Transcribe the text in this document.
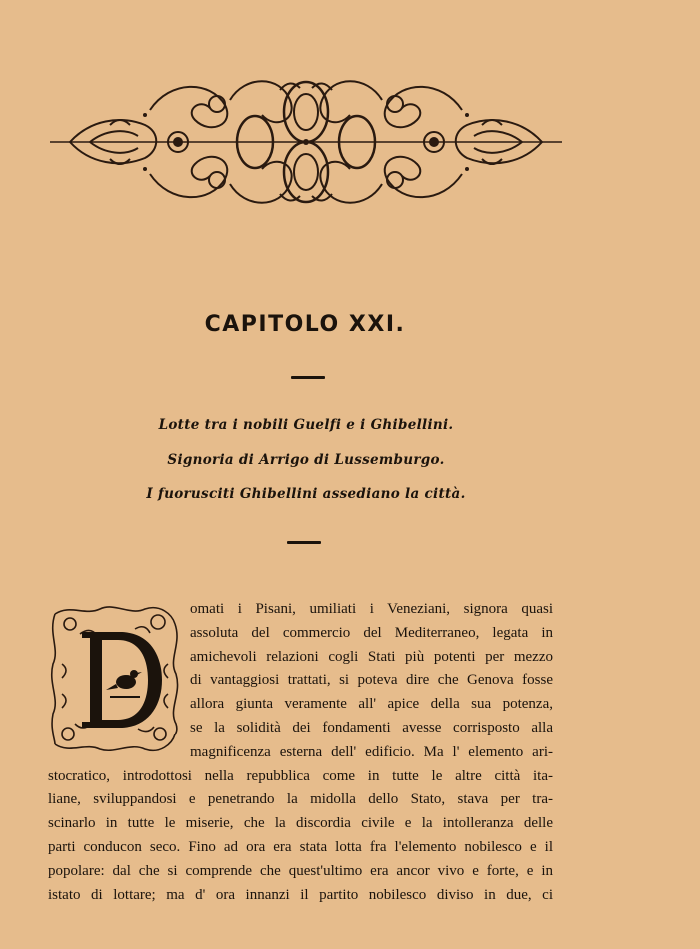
CAPITOLO XXI.
Lotte tra i nobili Guelfi e i Ghibellini.
Signoria di Arrigo di Lussemburgo.
I fuorusciti Ghibellini assediano la città.
omati i Pisani, umiliati i Veneziani, signora quasi
assoluta del commercio del Mediterraneo, legata in
amichevoli relazioni cogli Stati più potenti per mezzo
di vantaggiosi trattati, si poteva dire che Genova fosse
allora giunta veramente all' apice della sua potenza,
se la solidità dei fondamenti avesse corrisposto alla
magnificenza esterna dell' edificio. Ma l' elemento ari-
stocratico, introdottosi nella repubblica come in tutte le altre città ita-
liane, sviluppandosi e penetrando la midolla dello Stato, stava per tra-
scinarlo in tutte le miserie, che la discordia civile e la intolleranza delle
parti conducon seco. Fino ad ora era stata lotta fra l'elemento nobilesco e il
popolare: dal che si comprende che quest'ultimo era ancor vivo e forte, e in
istato di lottare; ma d' ora innanzi il partito nobilesco diviso in due, ci
